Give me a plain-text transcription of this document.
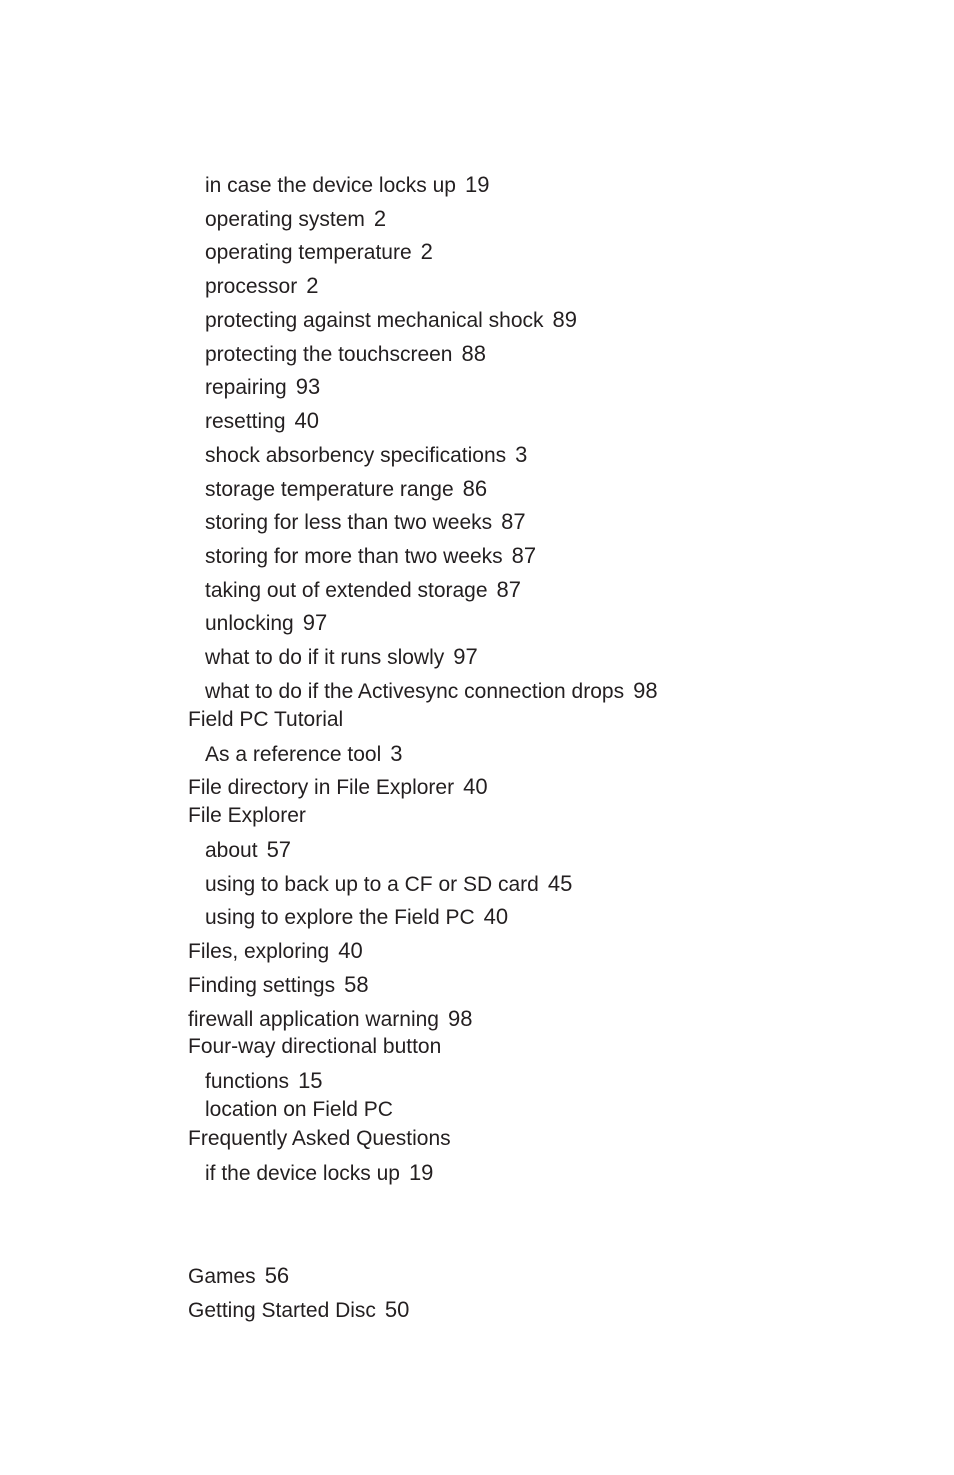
in case the device locks up 19
operating system 2
operating temperature 2
processor 2
protecting against mechanical shock 89
protecting the touchscreen 88
repairing 93
resetting 40
shock absorbency specifications 3
storage temperature range 86
storing for less than two weeks 87
storing for more than two weeks 87
taking out of extended storage 87
unlocking 97
what to do if it runs slowly 97
what to do if the Activesync connection drops 98
Field PC Tutorial
As a reference tool 3
File directory in File Explorer 40
File Explorer
about 57
using to back up to a CF or SD card 45
using to explore the Field PC 40
Files, exploring 40
Finding settings 58
firewall application warning 98
Four-way directional button
functions 15
location on Field PC
Frequently Asked Questions
if the device locks up 19
Games 56
Getting Started Disc 50
